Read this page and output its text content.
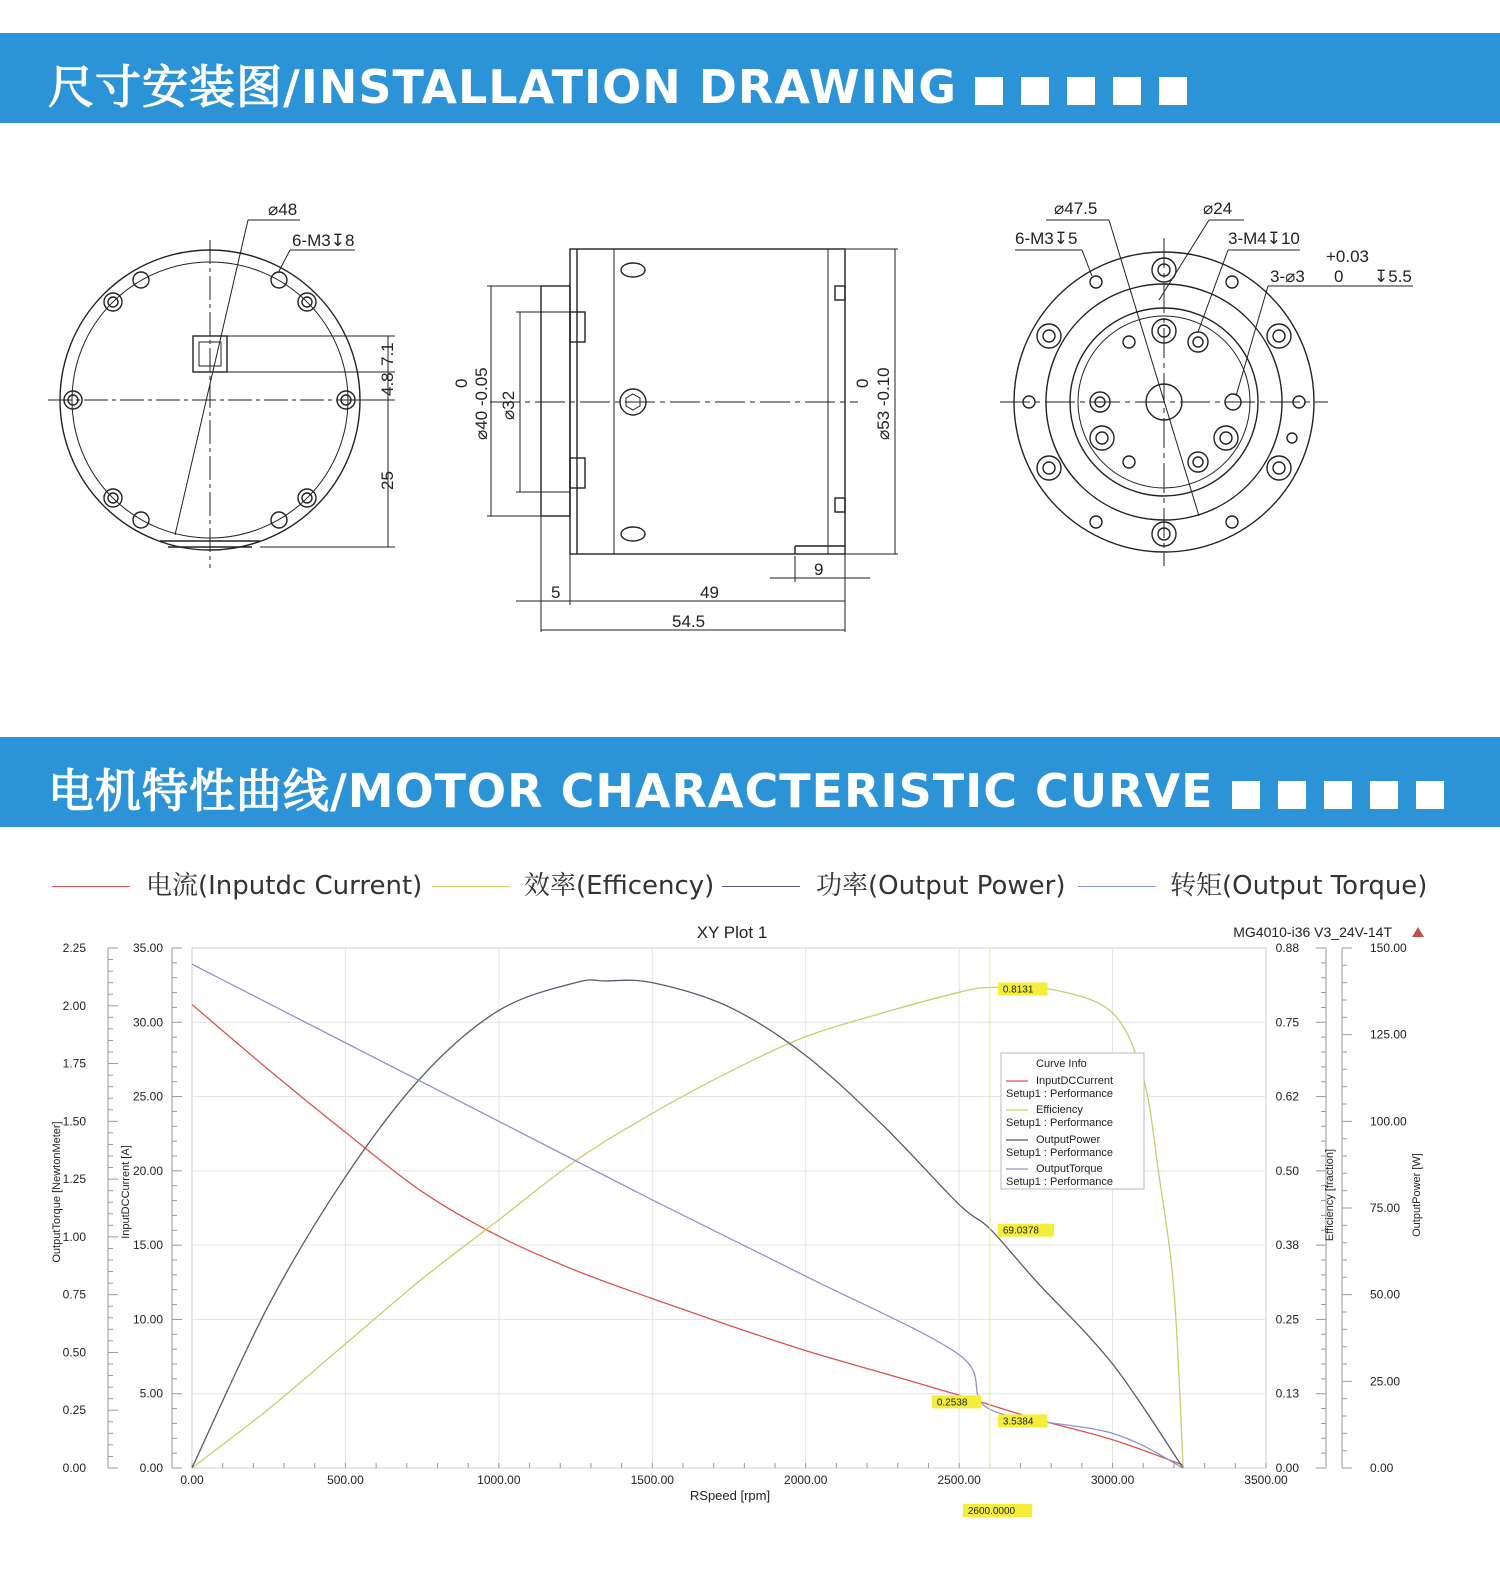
尺寸安装图/INSTALLATION DRAWING
⌀48
6-M3↧8
7.1
4.8
25
0 ⌀40 -0.05 ⌀32
0 ⌀53 -0.10
5	49
54.5
9
⌀47.5	⌀24
6-M3↧5	3-M4↧10
+0.03
0
3-⌀3	↧5.5
电机特性曲线/MOTOR CHARACTERISTIC CURVE
电流(Inputdc Current)	效率(Efficency)	功率(Output Power)	转矩(Output Torque)
0.00	500.00	1000.00	1500.00	2000.00	2500.00	3000.00	3500.00
0.00
0.25
0.50
0.75
1.00
1.25
1.50
1.75
2.00
2.25
0.00
5.00
10.00
15.00
20.00
25.00
30.00
35.00
0.00
0.13
0.25
0.38
0.50
0.62
0.75
0.88
0.00
25.00
50.00
75.00
100.00
125.00
150.00
0.8131
69.0378
0.2538
3.5384
2600.0000
XY Plot 1	MG4010-i36 V3_24V-14T
RSpeed [rpm]
OutputTorque [NewtonMeter]	InputDCCurrent [A]	Efficiency [fraction]	OutputPower [W]
Curve Info
InputDCCurrent
Setup1 : Performance
Efficiency
Setup1 : Performance
OutputPower
Setup1 : Performance
OutputTorque
Setup1 : Performance
